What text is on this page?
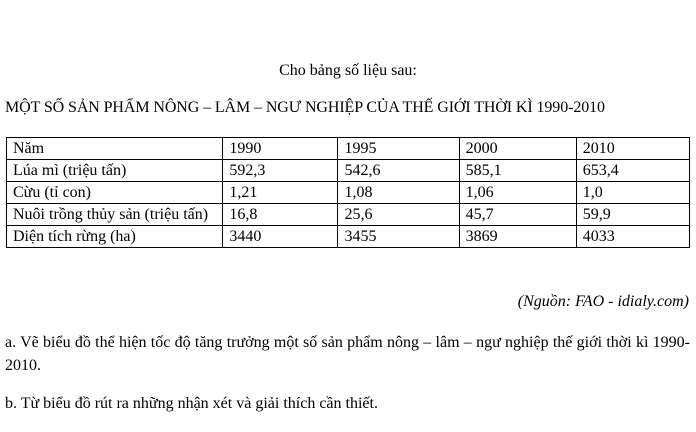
Cho bảng số liệu sau:
MỘT SỐ SẢN PHẨM NÔNG – LÂM – NGƯ NGHIỆP CỦA THẾ GIỚI THỜI KÌ 1990-2010
Năm	1990	1995	2000	2010
Lúa mì (triệu tấn)	592,3	542,6	585,1	653,4
Cừu (tỉ con)	1,21	1,08	1,06	1,0
Nuôi trồng thủy sản (triệu tấn)	16,8	25,6	45,7	59,9
Diện tích rừng (ha)	3440	3455	3869	4033
(Nguồn: FAO - idialy.com)
a. Vẽ biểu đồ thể hiện tốc độ tăng trưởng một số sản phẩm nông – lâm – ngư nghiệp thế giới thời kì 1990-2010.
b. Từ biểu đồ rút ra những nhận xét và giải thích cần thiết.
